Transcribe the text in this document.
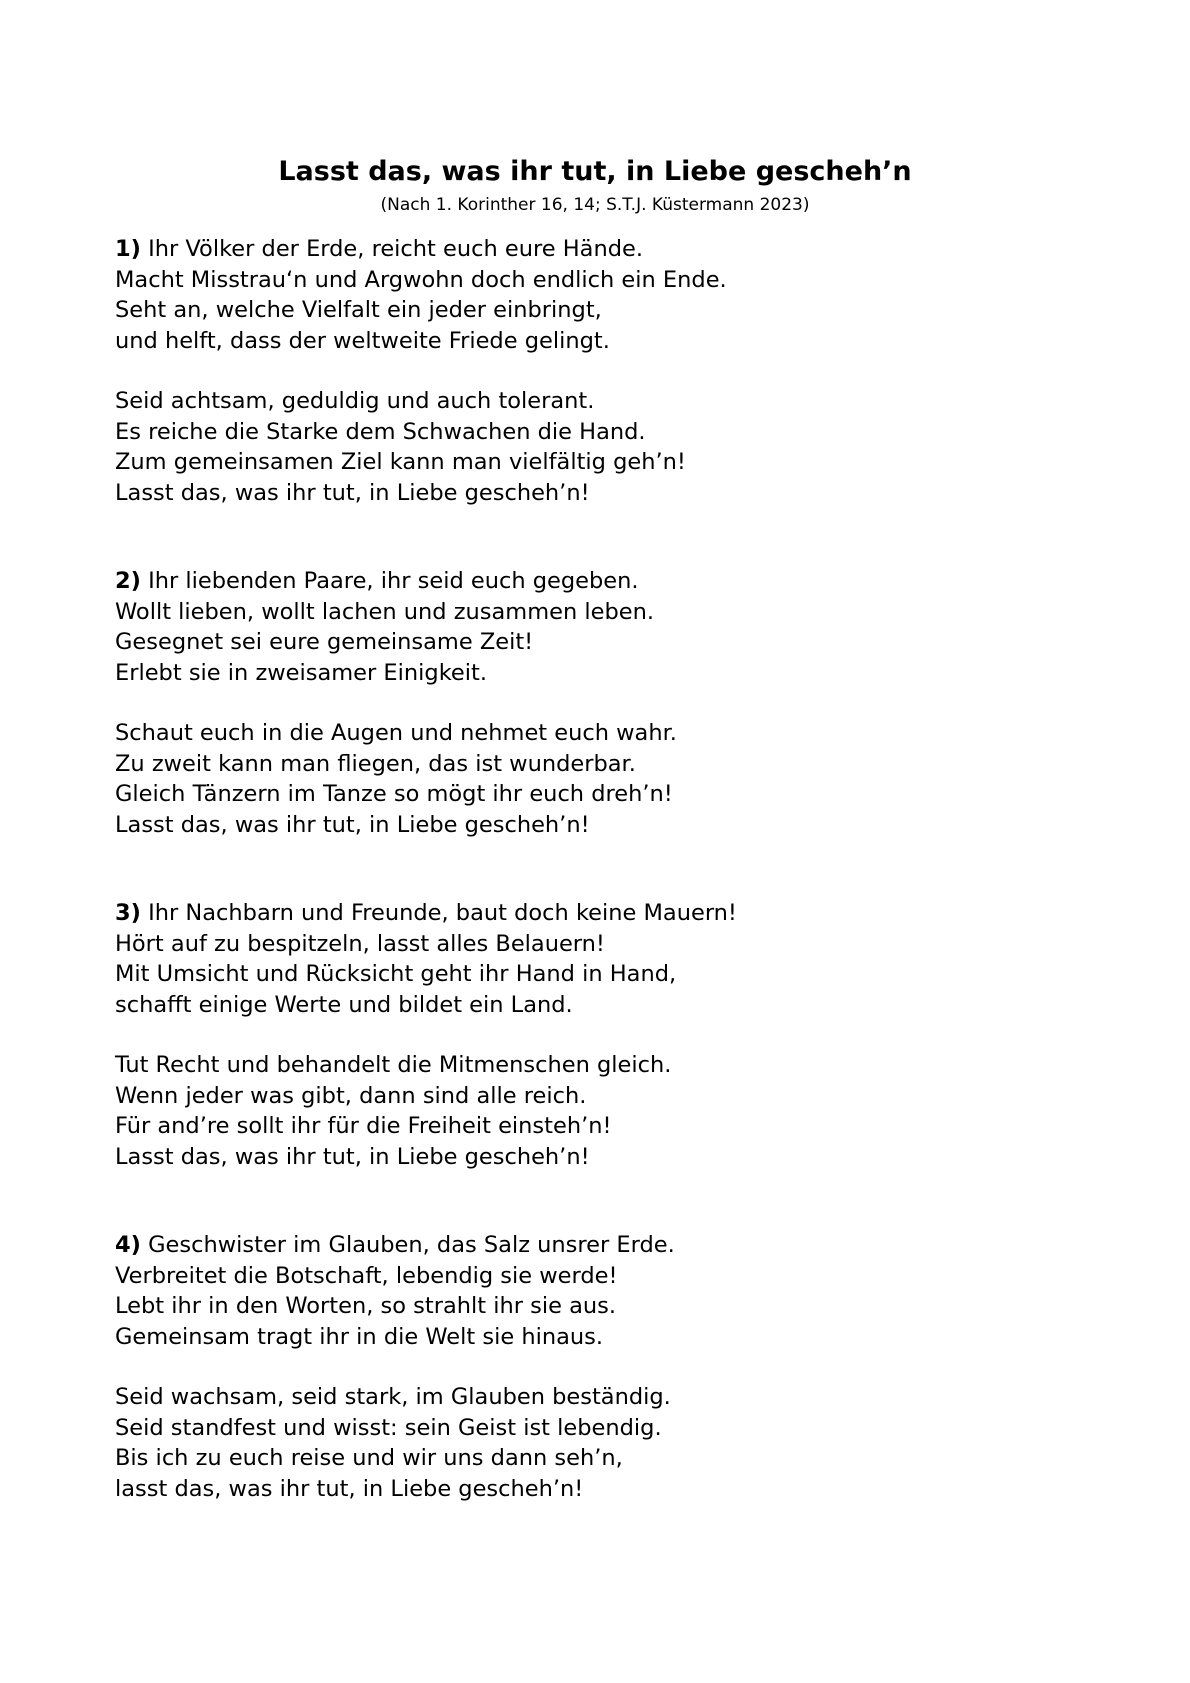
Lasst das, was ihr tut, in Liebe gescheh’n

(Nach 1. Korinther 16, 14; S.T.J. Küstermann 2023)

1) Ihr Völker der Erde, reicht euch eure Hände.
Macht Misstrau‘n und Argwohn doch endlich ein Ende.
Seht an, welche Vielfalt ein jeder einbringt,
und helft, dass der weltweite Friede gelingt.
Seid achtsam, geduldig und auch tolerant.
Es reiche die Starke dem Schwachen die Hand.
Zum gemeinsamen Ziel kann man vielfältig geh’n!
Lasst das, was ihr tut, in Liebe gescheh’n!
2) Ihr liebenden Paare, ihr seid euch gegeben.
Wollt lieben, wollt lachen und zusammen leben.
Gesegnet sei eure gemeinsame Zeit!
Erlebt sie in zweisamer Einigkeit.
Schaut euch in die Augen und nehmet euch wahr.
Zu zweit kann man fliegen, das ist wunderbar.
Gleich Tänzern im Tanze so mögt ihr euch dreh’n!
Lasst das, was ihr tut, in Liebe gescheh’n!
3) Ihr Nachbarn und Freunde, baut doch keine Mauern!
Hört auf zu bespitzeln, lasst alles Belauern!
Mit Umsicht und Rücksicht geht ihr Hand in Hand,
schafft einige Werte und bildet ein Land.
Tut Recht und behandelt die Mitmenschen gleich.
Wenn jeder was gibt, dann sind alle reich.
Für and’re sollt ihr für die Freiheit einsteh’n!
Lasst das, was ihr tut, in Liebe gescheh’n!
4) Geschwister im Glauben, das Salz unsrer Erde.
Verbreitet die Botschaft, lebendig sie werde!
Lebt ihr in den Worten, so strahlt ihr sie aus.
Gemeinsam tragt ihr in die Welt sie hinaus.
Seid wachsam, seid stark, im Glauben beständig.
Seid standfest und wisst: sein Geist ist lebendig.
Bis ich zu euch reise und wir uns dann seh’n,
lasst das, was ihr tut, in Liebe gescheh’n!
